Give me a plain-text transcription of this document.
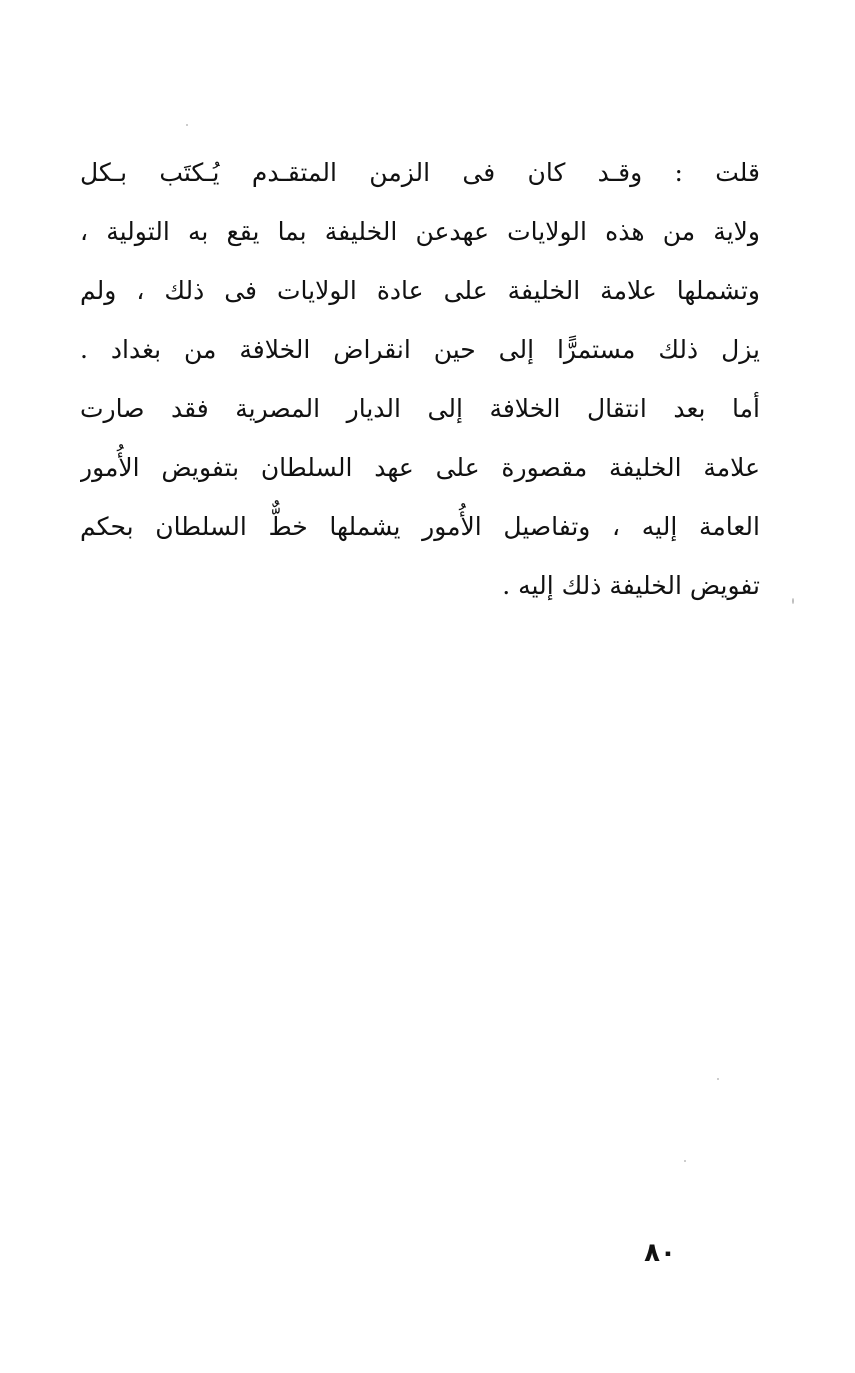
قلت : وقـد كان فى الزمن المتقـدم يُـكتَب بـكل
ولاية من هذه الولايات عهدعن الخليفة بما يقع به التولية ،
وتشملها علامة الخليفة على عادة الولايات فى ذلك ، ولم
يزل ذلك مستمرًّا إلى حين انقراض الخلافة من بغداد .
أما بعد انتقال الخلافة إلى الديار المصرية فقد صارت
علامة الخليفة مقصورة على عهد السلطان بتفويض الأُمور
العامة إليه ، وتفاصيل الأُمور يشملها خطٌّ السلطان بحكم
تفويض الخليفة ذلك إليه .
٨٠
